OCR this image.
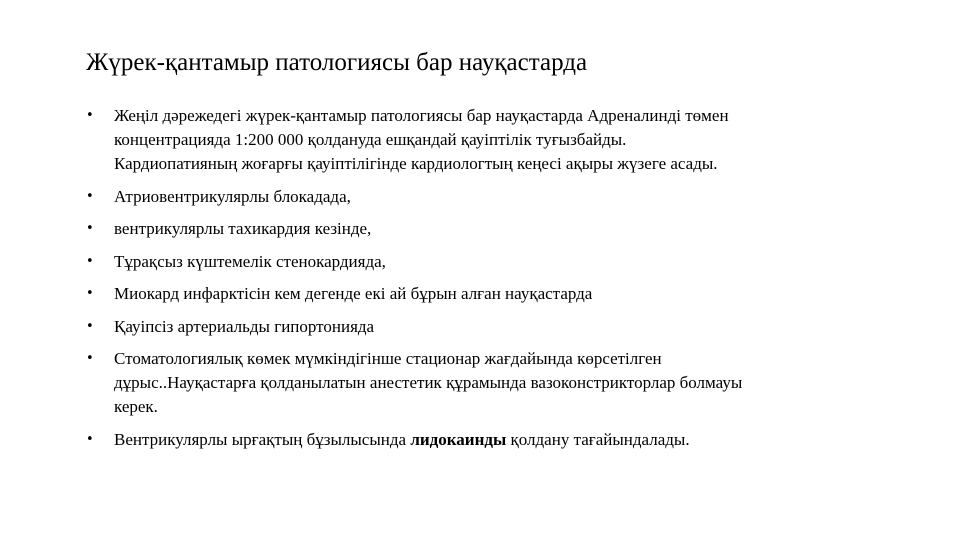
Жүрек-қантамыр патологиясы бар науқастарда
• Жеңіл дәрежедегі жүрек-қантамыр патологиясы бар науқастарда Адреналинді төмен
концентрацияда 1:200 000 қолдануда ешқандай қауіптілік туғызбайды.
Кардиопатияның жоғарғы қауіптілігінде кардиологтың кеңесі ақыры жүзеге асады.
• Атриовентрикулярлы блокадада,
• вентрикулярлы тахикардия кезінде,
• Тұрақсыз күштемелік стенокардияда,
• Миокард инфарктісін кем дегенде екі ай бұрын алған науқастарда
• Қауіпсіз артериальды гипортонияда
• Стоматологиялық көмек мүмкіндігінше стационар жағдайында көрсетілген
дұрыс..Науқастарға қолданылатын анестетик құрамында вазоконстрикторлар болмауы
керек.
• Вентрикулярлы ырғақтың бұзылысында лидокаинды қолдану тағайындалады.
